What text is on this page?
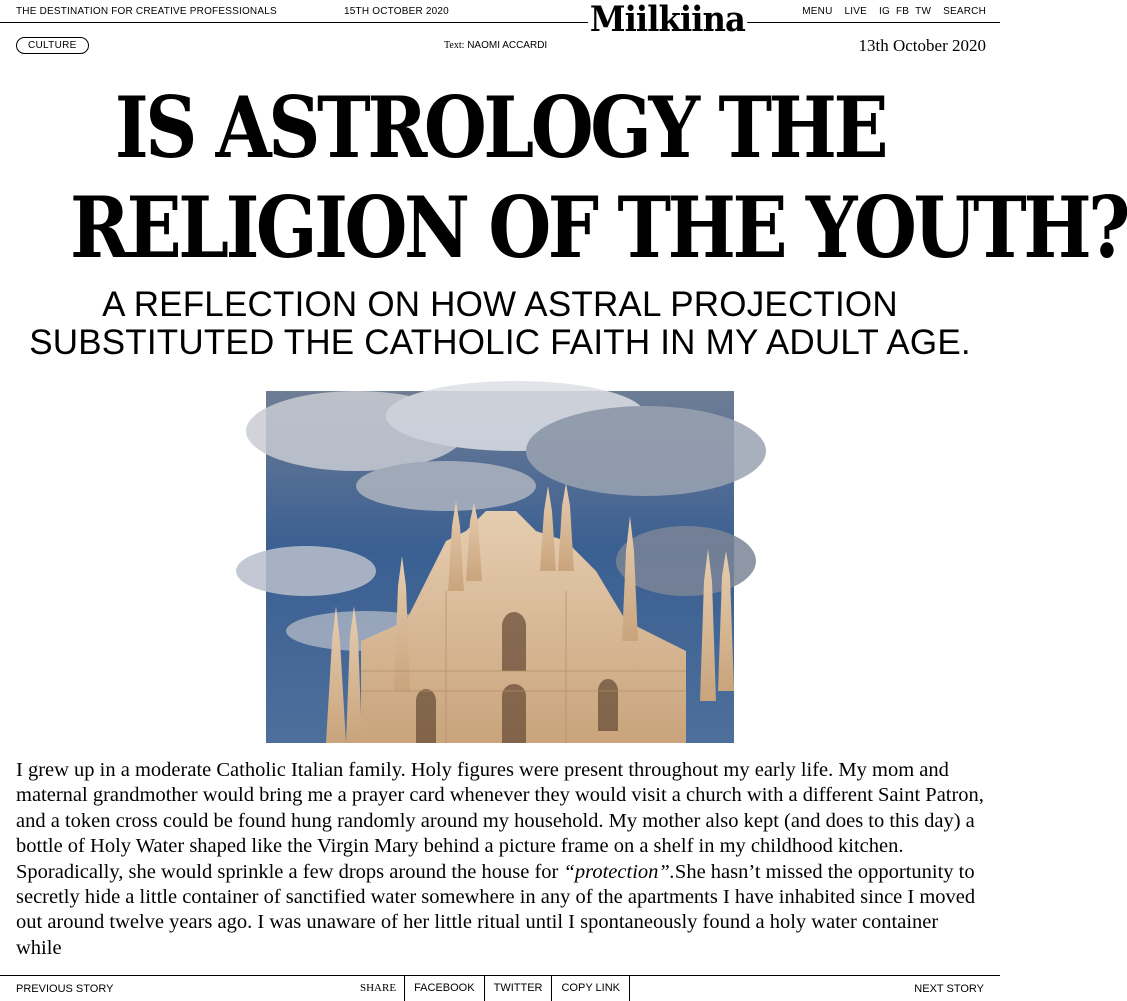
THE DESTINATION FOR CREATIVE PROFESSIONALS	15TH OCTOBER 2020	MENU LIVE IG FB TW SEARCH
Miilkiina
CULTURE	Text: NAOMI ACCARDI	13th October 2020
IS ASTROLOGY THE
RELIGION OF THE YOUTH?
A REFLECTION ON HOW ASTRAL PROJECTION
SUBSTITUTED THE CATHOLIC FAITH IN MY ADULT AGE.
I grew up in a moderate Catholic Italian family. Holy figures were present throughout my early life. My mom and maternal grandmother would bring me a prayer card whenever they would visit a church with a different Saint Patron, and a token cross could be found hung randomly around my household. My mother also kept (and does to this day) a bottle of Holy Water shaped like the Virgin Mary behind a picture frame on a shelf in my childhood kitchen. Sporadically, she would sprinkle a few drops around the house for “protection”.She hasn’t missed the opportunity to secretly hide a little container of sanctified water somewhere in any of the apartments I have inhabited since I moved out around twelve years ago. I was unaware of her little ritual until I spontaneously found a holy water container while
PREVIOUS STORY	SHARE	FACEBOOK	TWITTER	COPY LINK	NEXT STORY
